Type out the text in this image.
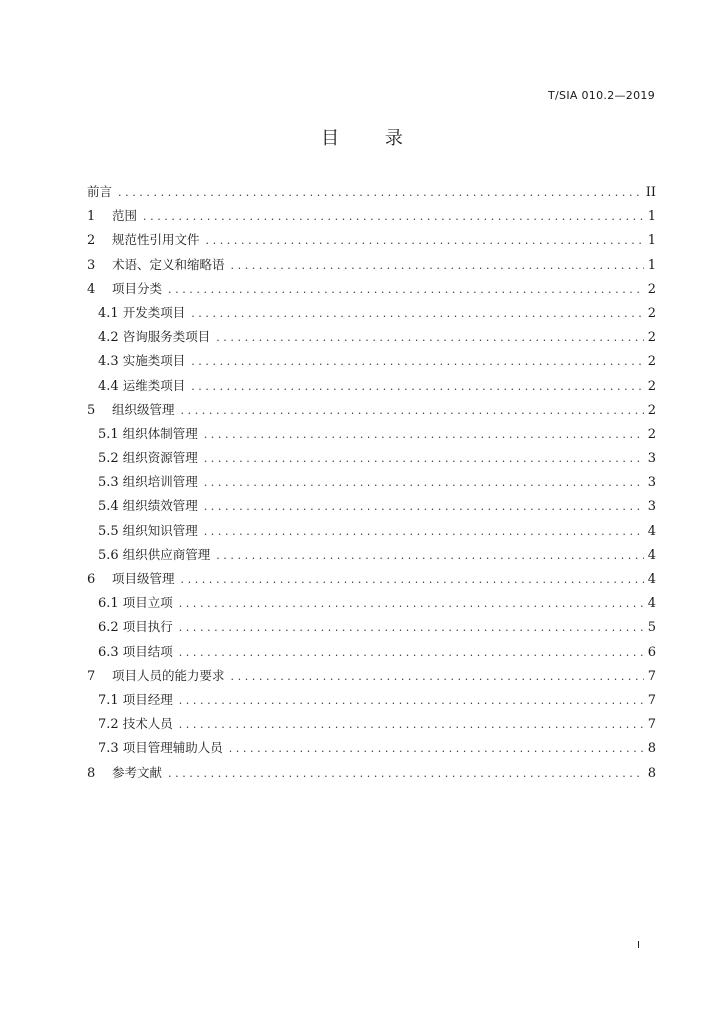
T/SIA 010.2—2019
目 录
前言 .....	II
1	范围 .....	1
2	规范性引用文件 .....	1
3	术语、定义和缩略语 .....	1
4	项目分类 .....	2
4.1 开发类项目 .....	2
4.2 咨询服务类项目 .....	2
4.3 实施类项目 .....	2
4.4 运维类项目 .....	2
5	组织级管理 .....	2
5.1 组织体制管理 .....	2
5.2 组织资源管理 .....	3
5.3 组织培训管理 .....	3
5.4 组织绩效管理 .....	3
5.5 组织知识管理 .....	4
5.6 组织供应商管理 .....	4
6	项目级管理 .....	4
6.1 项目立项 .....	4
6.2 项目执行 .....	5
6.3 项目结项 .....	6
7	项目人员的能力要求 .....	7
7.1 项目经理 .....	7
7.2 技术人员 .....	7
7.3 项目管理辅助人员 .....	8
8	参考文献 .....	8
I
